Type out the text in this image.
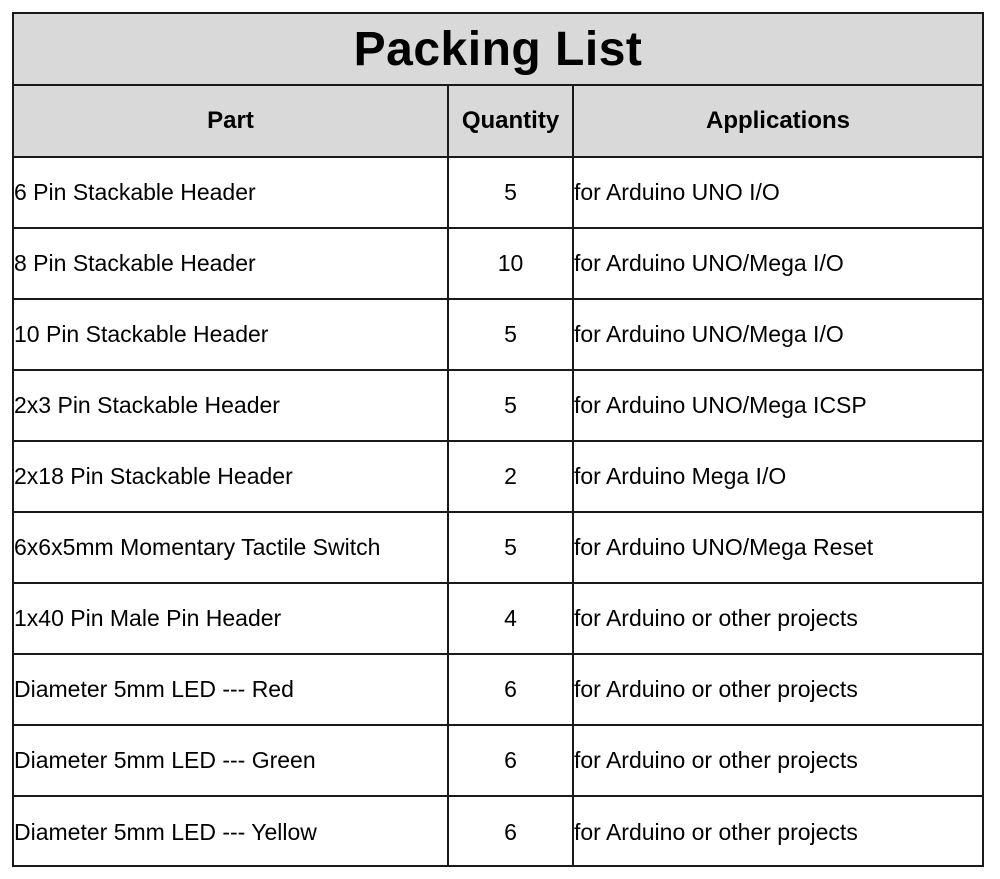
Packing List
Part	Quantity	Applications
6 Pin Stackable Header	5	for Arduino UNO I/O
8 Pin Stackable Header	10	for Arduino UNO/Mega I/O
10 Pin Stackable Header	5	for Arduino UNO/Mega I/O
2x3 Pin Stackable Header	5	for Arduino UNO/Mega ICSP
2x18 Pin Stackable Header	2	for Arduino Mega I/O
6x6x5mm Momentary Tactile Switch	5	for Arduino UNO/Mega Reset
1x40 Pin Male Pin Header	4	for Arduino or other projects
Diameter 5mm LED --- Red	6	for Arduino or other projects
Diameter 5mm LED --- Green	6	for Arduino or other projects
Diameter 5mm LED --- Yellow	6	for Arduino or other projects
